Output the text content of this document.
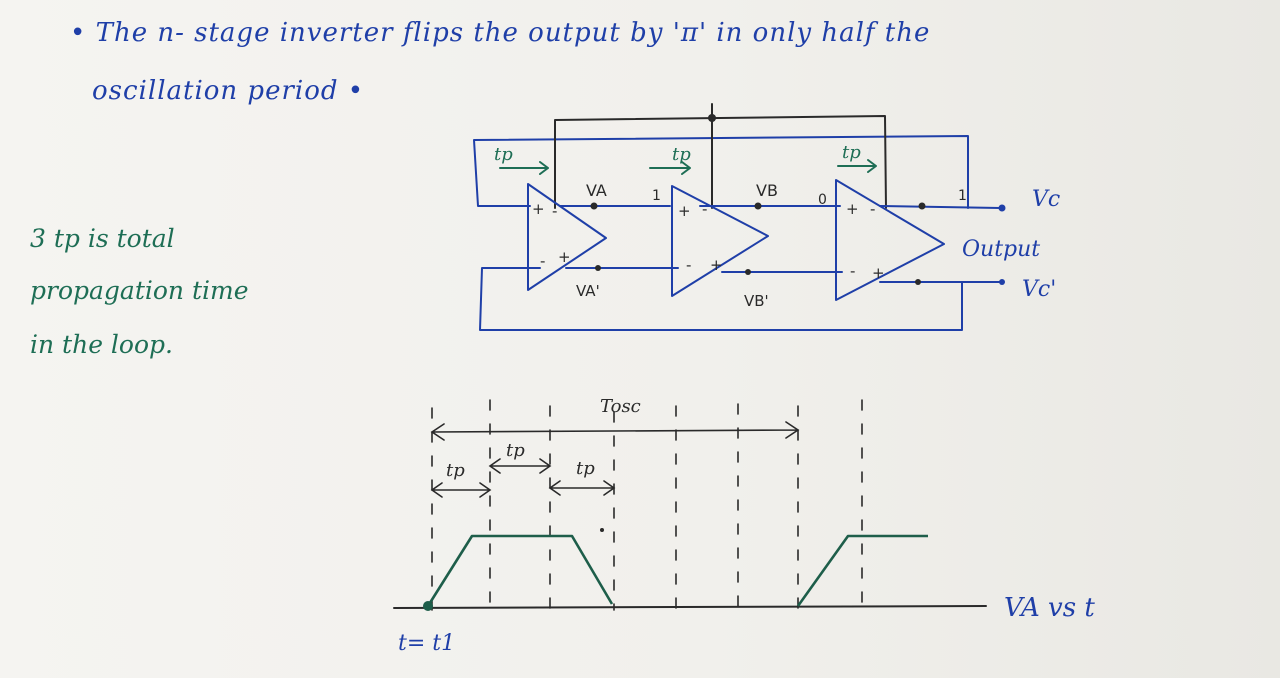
• The n- stage inverter flips the output by 'π' in only half the
oscillation period •
3 tp is total
propagation time
in the loop.
tp	tp	tp
+ -
- +
+ -
- +
+ -
- +
VA	1	VB	0	1
VA'
VB'
Vc
Output
Vc'
Tosc
tp
tp
tp
t= t1
VA vs t
